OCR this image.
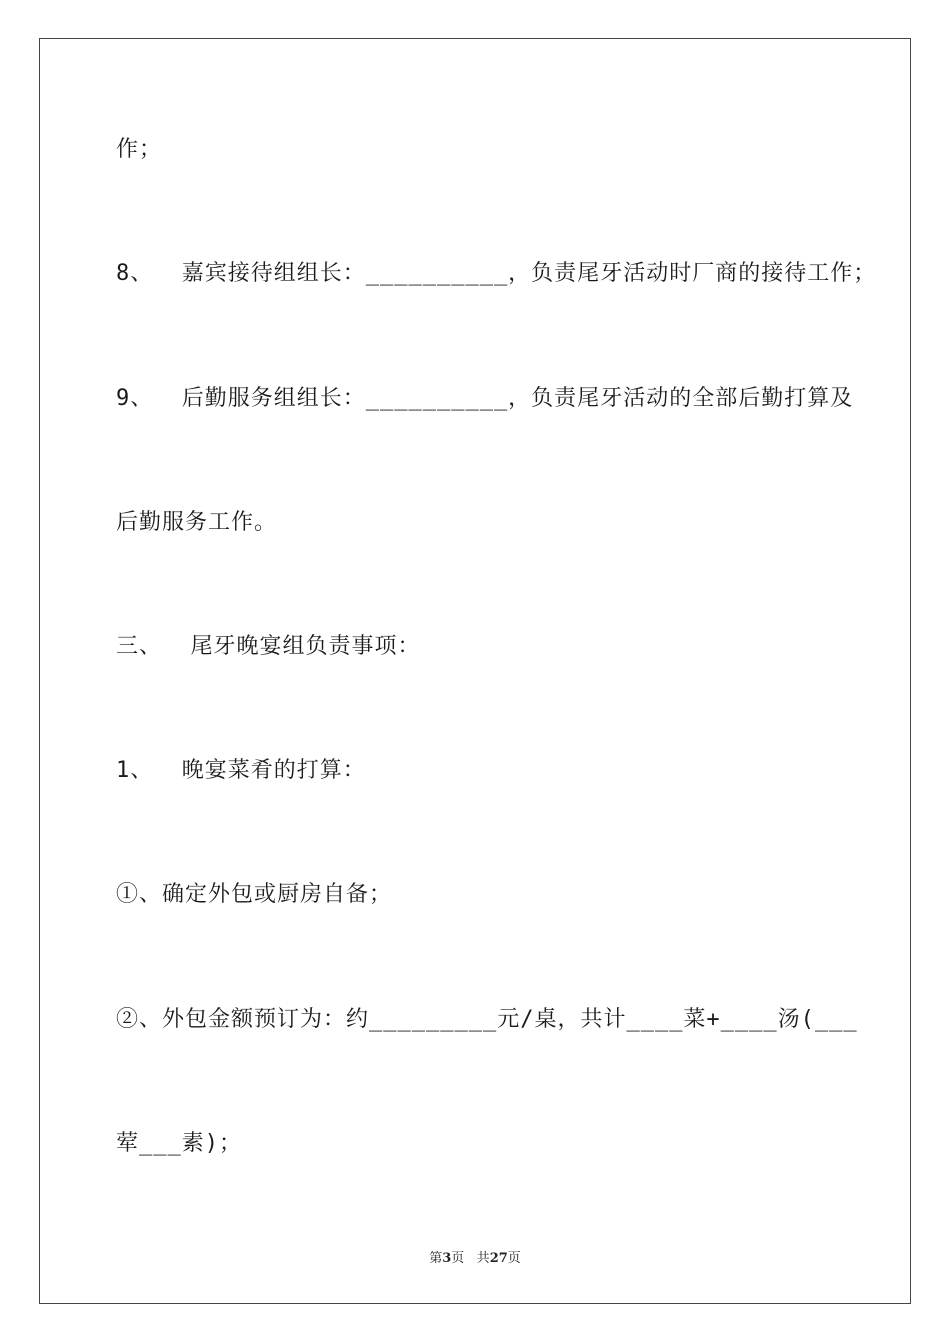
作；
8、  嘉宾接待组组长：__________，负责尾牙活动时厂商的接待工作；
9、  后勤服务组组长：__________，负责尾牙活动的全部后勤打算及
后勤服务工作。
三、  尾牙晚宴组负责事项：
1、  晚宴菜肴的打算：
①、确定外包或厨房自备；
②、外包金额预订为：约_________元/桌，共计____菜+____汤(___
荤___素)；
第3页 共27页
